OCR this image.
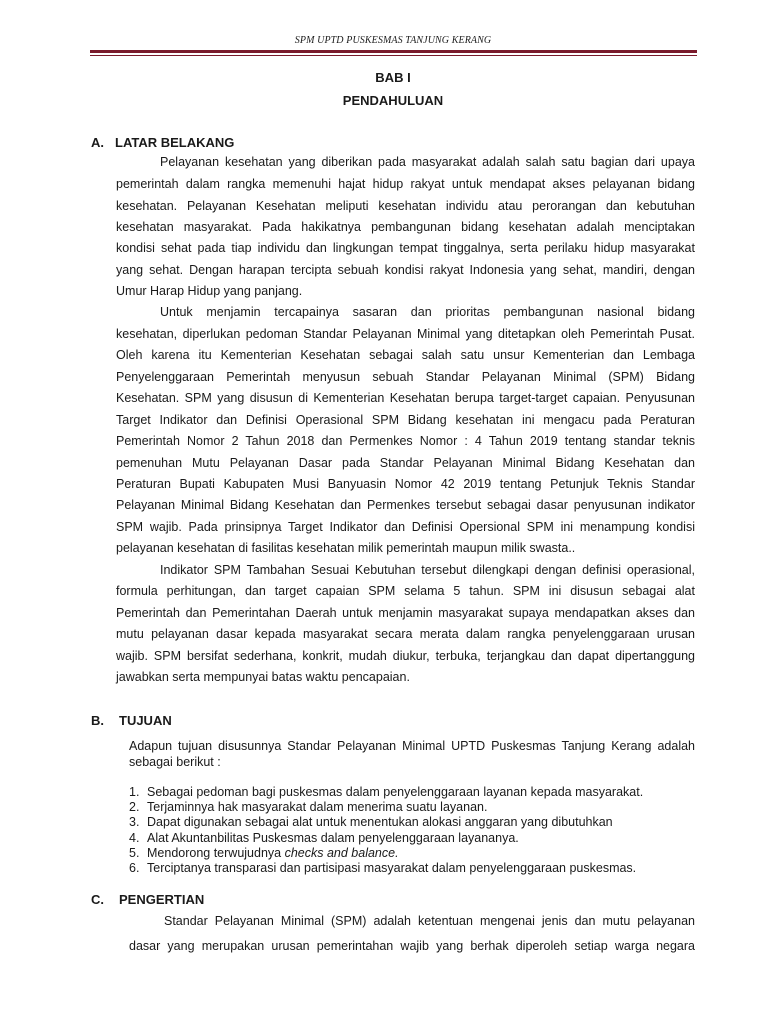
SPM UPTD PUSKESMAS TANJUNG KERANG
BAB I
PENDAHULUAN
A. LATAR BELAKANG
Pelayanan kesehatan yang diberikan pada masyarakat adalah salah satu bagian dari upaya
pemerintah dalam rangka memenuhi hajat hidup rakyat untuk mendapat akses pelayanan bidang
kesehatan. Pelayanan Kesehatan meliputi kesehatan individu atau perorangan dan kebutuhan
kesehatan masyarakat. Pada hakikatnya pembangunan bidang kesehatan adalah menciptakan
kondisi sehat pada tiap individu dan lingkungan tempat tinggalnya, serta perilaku hidup masyarakat
yang sehat. Dengan harapan tercipta sebuah kondisi rakyat Indonesia yang sehat, mandiri, dengan
Umur Harap Hidup yang panjang.
Untuk menjamin tercapainya sasaran dan prioritas pembangunan nasional bidang
kesehatan, diperlukan pedoman Standar Pelayanan Minimal yang ditetapkan oleh Pemerintah Pusat.
Oleh karena itu Kementerian Kesehatan sebagai salah satu unsur Kementerian dan Lembaga
Penyelenggaraan Pemerintah menyusun sebuah Standar Pelayanan Minimal (SPM) Bidang
Kesehatan. SPM yang disusun di Kementerian Kesehatan berupa target-target capaian. Penyusunan
Target Indikator dan Definisi Operasional SPM Bidang kesehatan ini mengacu pada Peraturan
Pemerintah Nomor 2 Tahun 2018 dan Permenkes Nomor : 4 Tahun 2019 tentang standar teknis
pemenuhan Mutu Pelayanan Dasar pada Standar Pelayanan Minimal Bidang Kesehatan dan
Peraturan Bupati Kabupaten Musi Banyuasin Nomor 42 2019 tentang Petunjuk Teknis Standar
Pelayanan Minimal Bidang Kesehatan dan Permenkes tersebut sebagai dasar penyusunan indikator
SPM wajib. Pada prinsipnya Target Indikator dan Definisi Opersional SPM ini menampung kondisi
pelayanan kesehatan di fasilitas kesehatan milik pemerintah maupun milik swasta..
Indikator SPM Tambahan Sesuai Kebutuhan tersebut dilengkapi dengan definisi operasional,
formula perhitungan, dan target capaian SPM selama 5 tahun. SPM ini disusun sebagai alat
Pemerintah dan Pemerintahan Daerah untuk menjamin masyarakat supaya mendapatkan akses dan
mutu pelayanan dasar kepada masyarakat secara merata dalam rangka penyelenggaraan urusan
wajib. SPM bersifat sederhana, konkrit, mudah diukur, terbuka, terjangkau dan dapat dipertanggung
jawabkan serta mempunyai batas waktu pencapaian.
B. TUJUAN
Adapun tujuan disusunnya Standar Pelayanan Minimal UPTD Puskesmas Tanjung Kerang adalah
sebagai berikut :
1. Sebagai pedoman bagi puskesmas dalam penyelenggaraan layanan kepada masyarakat.
2. Terjaminnya hak masyarakat dalam menerima suatu layanan.
3. Dapat digunakan sebagai alat untuk menentukan alokasi anggaran yang dibutuhkan
4. Alat Akuntanbilitas Puskesmas dalam penyelenggaraan layananya.
5. Mendorong terwujudnya checks and balance.
6. Terciptanya transparasi dan partisipasi masyarakat dalam penyelenggaraan puskesmas.
C. PENGERTIAN
Standar Pelayanan Minimal (SPM) adalah ketentuan mengenai jenis dan mutu pelayanan
dasar yang merupakan urusan pemerintahan wajib yang berhak diperoleh setiap warga negara
